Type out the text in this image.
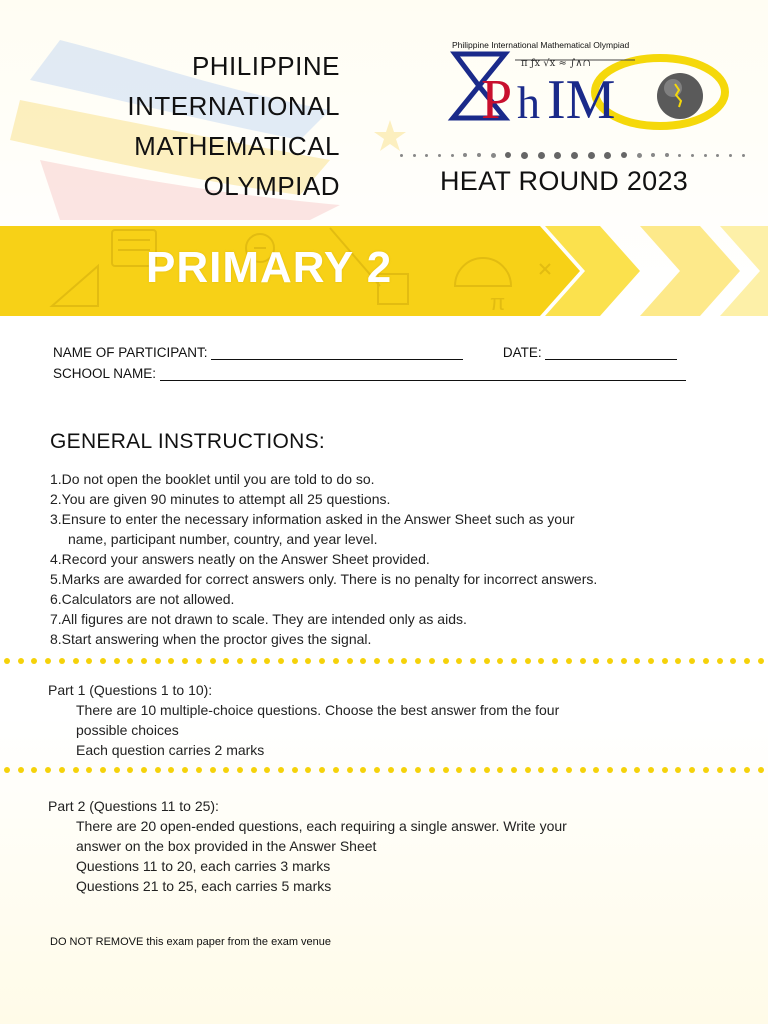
PHILIPPINE
INTERNATIONAL
MATHEMATICAL
OLYMPIAD
Philippine International Mathematical Olympiad
π ƒx √x ≈ ∫∧∩
P h IM
HEAT ROUND 2023
π
PRIMARY 2
NAME OF PARTICIPANT:	DATE:
SCHOOL NAME:
GENERAL INSTRUCTIONS:
1.Do not open the booklet until you are told to do so.
2.You are given 90 minutes to attempt all 25 questions.
3.Ensure to enter the necessary information asked in the Answer Sheet such as your
name, participant number, country, and year level.
4.Record your answers neatly on the Answer Sheet provided.
5.Marks are awarded for correct answers only. There is no penalty for incorrect answers.
6.Calculators are not allowed.
7.All figures are not drawn to scale. They are intended only as aids.
8.Start answering when the proctor gives the signal.
Part 1 (Questions 1 to 10):
There are 10 multiple-choice questions. Choose the best answer from the four
possible choices
Each question carries 2 marks
Part 2 (Questions 11 to 25):
There are 20 open-ended questions, each requiring a single answer. Write your
answer on the box provided in the Answer Sheet
Questions 11 to 20, each carries 3 marks
Questions 21 to 25, each carries 5 marks
DO NOT REMOVE this exam paper from the exam venue
